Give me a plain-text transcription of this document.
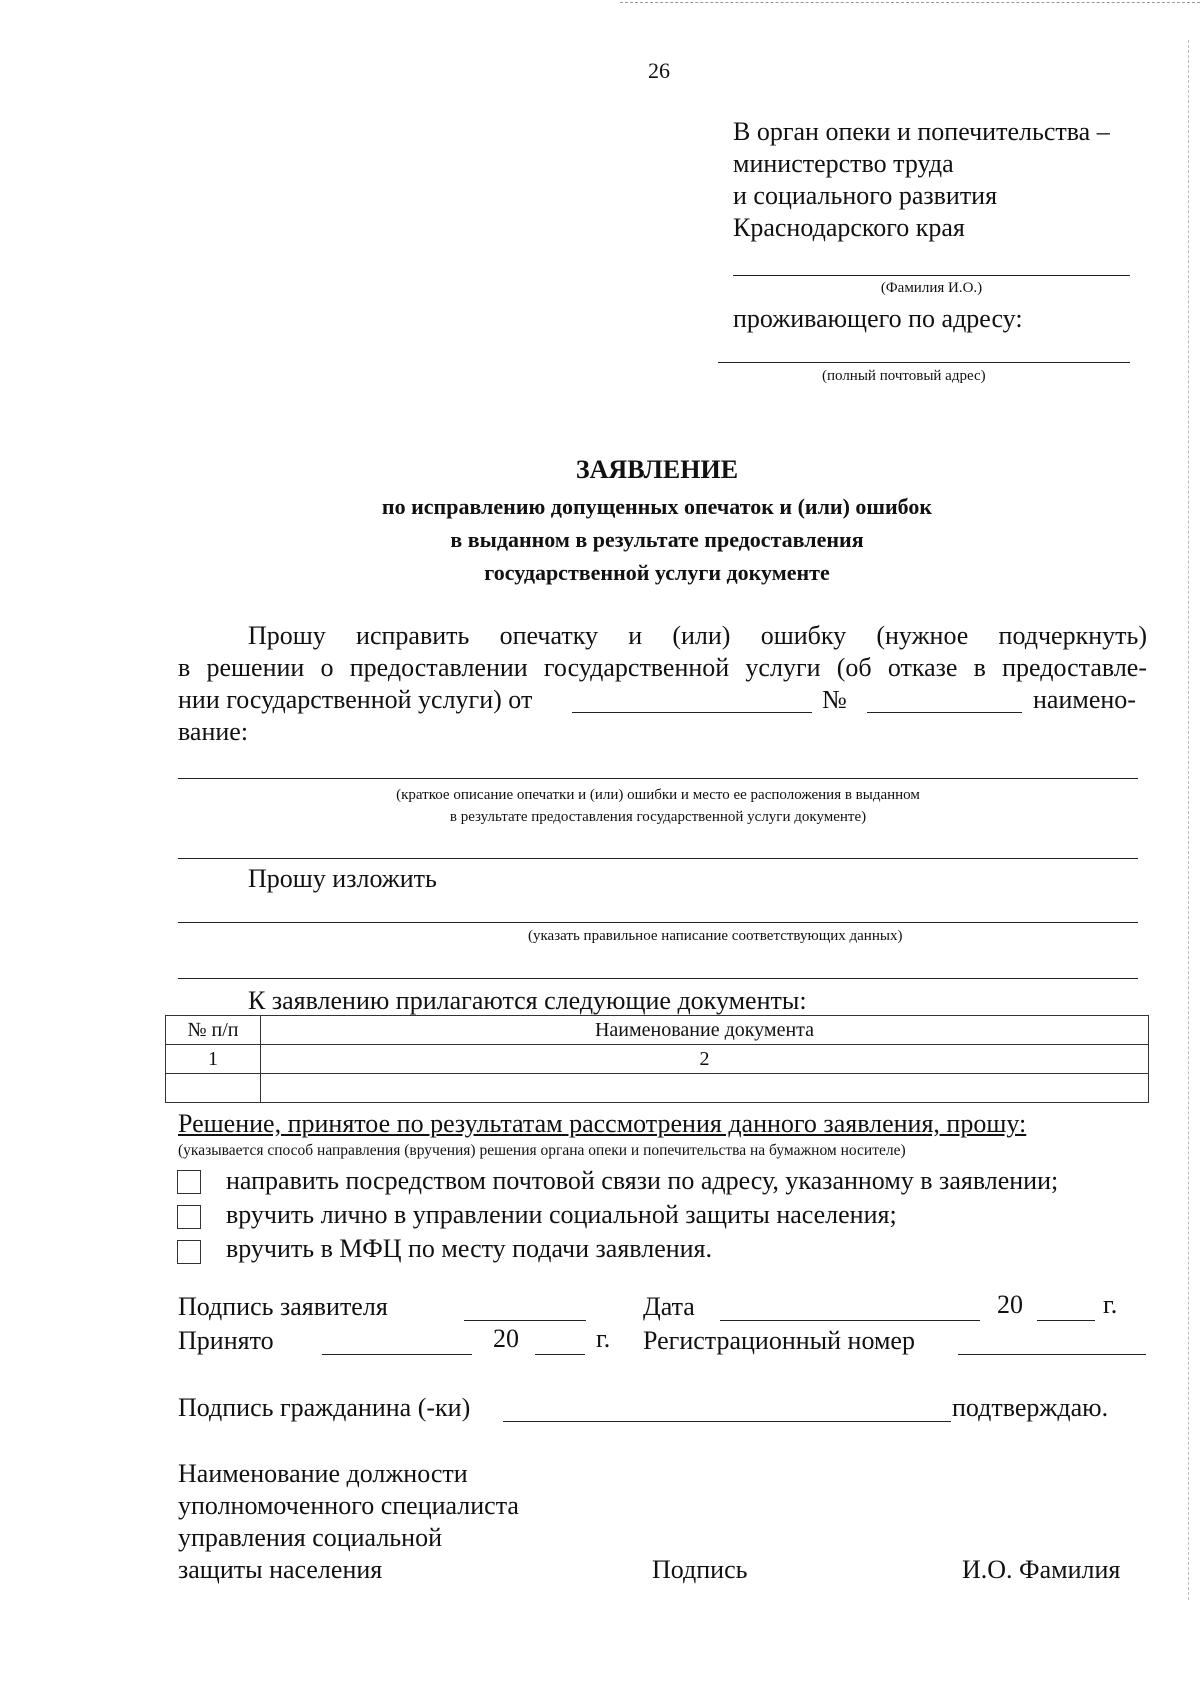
26
В орган опеки и попечительства –
министерство труда
и социального развития
Краснодарского края
(Фамилия И.О.)
проживающего по адресу:
(полный почтовый адрес)
ЗАЯВЛЕНИЕ
по исправлению допущенных опечаток и (или) ошибок
в выданном в результате предоставления
государственной услуги документе
Прошу исправить опечатку и (или) ошибку (нужное подчеркнуть)
в решении о предоставлении государственной услуги (об отказе в предоставле-
нии государственной услуги) от	№	наимено-
вание:
(краткое описание опечатки и (или) ошибки и место ее расположения в выданном
в результате предоставления государственной услуги документе)
Прошу изложить
(указать правильное написание соответствующих данных)
К заявлению прилагаются следующие документы:
№ п/п	Наименование документа
1	2

Решение, принятое по результатам рассмотрения данного заявления, прошу:
(указывается способ направления (вручения) решения органа опеки и попечительства на бумажном носителе)
направить посредством почтовой связи по адресу, указанному в заявлении;
вручить лично в управлении социальной защиты населения;
вручить в МФЦ по месту подачи заявления.
Подпись заявителя	Дата	20	г.
Принято	20	г. Регистрационный номер
Подпись гражданина (-ки)	подтверждаю.
Наименование должности
уполномоченного специалиста
управления социальной
защиты населения	Подпись	И.О. Фамилия
